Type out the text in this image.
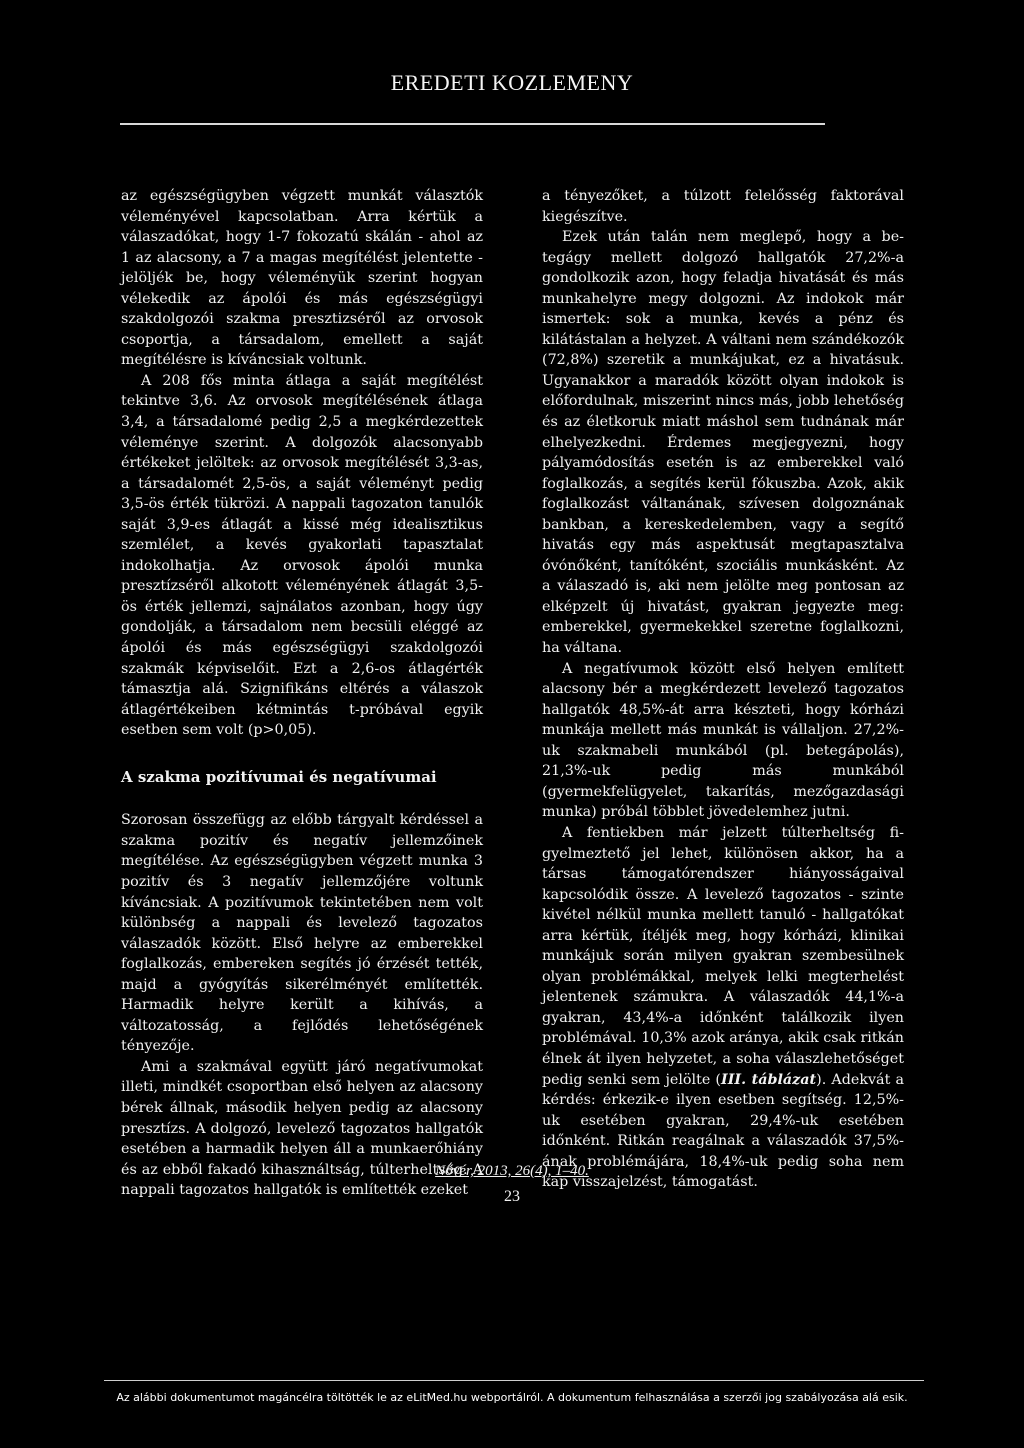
EREDETI KOZLEMENY

az egészségügyben végzett munkát választók véleményével kapcsolatban. Arra kértük a válaszadókat, hogy 1-7 fokozatú skálán - ahol az 1 az alacsony, a 7 a magas megítélést jelentette - jelöljék be, hogy véleményük szerint hogyan vélekedik az ápolói és más egészségügyi szakdolgozói szakma presztizséről az orvosok csoportja, a társadalom, emellett a saját megítélésre is kíváncsiak voltunk.

A 208 fős minta átlaga a saját megítélést tekintve 3,6. Az orvosok megítélésének átlaga 3,4, a társadalomé pedig 2,5 a megkérdezettek véleménye szerint. A dolgozók alacsonyabb értékeket jelöltek: az orvosok megítélését 3,3-as, a társadalomét 2,5-ös, a saját véleményt pedig 3,5-ös érték tükrözi. A nappali tagozaton tanulók saját 3,9-es átlagát a kissé még idealisztikus szemlélet, a kevés gyakorlati tapasztalat indokolhatja. Az orvosok ápolói munka presztízséről alkotott véleményének átlagát 3,5-ös érték jellemzi, sajnálatos azonban, hogy úgy gondolják, a társadalom nem becsüli eléggé az ápolói és más egészségügyi szakdolgozói szakmák képviselőit. Ezt a 2,6-os átlagérték támasztja alá. Szignifikáns eltérés a válaszok átlagértékeiben kétmintás t-próbával egyik esetben sem volt (p>0,05).

A szakma pozitívumai és negatívumai

Szorosan összefügg az előbb tárgyalt kérdéssel a szakma pozitív és negatív jellemzőinek megítélése. Az egészségügyben végzett munka 3 pozitív és 3 negatív jellemzőjére voltunk kíváncsiak. A pozitívumok tekintetében nem volt különbség a nappali és levelező tagozatos válaszadók között. Első helyre az emberekkel foglalkozás, embereken segítés jó érzését tették, majd a gyógyítás sikerélményét említették. Harmadik helyre került a kihívás, a változatosság, a fejlődés lehetőségének tényezője.

Ami a szakmával együtt járó negatívumokat illeti, mindkét csoportban első helyen az alacsony bérek állnak, második helyen pedig az alacsony presztízs. A dolgozó, levelező tagozatos hallgatók esetében a harmadik helyen áll a munkaerőhiány és az ebből fakadó kihasználtság, túlterheltség. A nappali tagozatos hallgatók is említették ezeket

a tényezőket, a túlzott felelősség faktorával kiegészítve.

Ezek után talán nem meglepő, hogy a betegágy mellett dolgozó hallgatók 27,2%-a gondolkozik azon, hogy feladja hivatását és más munkahelyre megy dolgozni. Az indokok már ismertek: sok a munka, kevés a pénz és kilátástalan a helyzet. A váltani nem szándékozók (72,8%) szeretik a munkájukat, ez a hivatásuk. Ugyanakkor a maradók között olyan indokok is előfordulnak, miszerint nincs más, jobb lehetőség és az életkoruk miatt máshol sem tudnának már elhelyezkedni. Érdemes megjegyezni, hogy pályamódosítás esetén is az emberekkel való foglalkozás, a segítés kerül fókuszba. Azok, akik foglalkozást váltanának, szívesen dolgoznának bankban, a kereskedelemben, vagy a segítő hivatás egy más aspektusát megtapasztalva óvónőként, tanítóként, szociális munkásként. Az a válaszadó is, aki nem jelölte meg pontosan az elképzelt új hivatást, gyakran jegyezte meg: emberekkel, gyermekekkel szeretne foglalkozni, ha váltana.

A negatívumok között első helyen említett alacsony bér a megkérdezett levelező tagozatos hallgatók 48,5%-át arra készteti, hogy kórházi munkája mellett más munkát is vállaljon. 27,2%-uk szakmabeli munkából (pl. betegápolás), 21,3%-uk pedig más munkából (gyermekfelügyelet, takarítás, mezőgazdasági munka) próbál többlet jövedelemhez jutni.

A fentiekben már jelzett túlterheltség figyelmeztető jel lehet, különösen akkor, ha a társas támogatórendszer hiányosságaival kapcsolódik össze. A levelező tagozatos - szinte kivétel nélkül munka mellett tanuló - hallgatókat arra kértük, ítéljék meg, hogy kórházi, klinikai munkájuk során milyen gyakran szembesülnek olyan problémákkal, melyek lelki megterhelést jelentenek számukra. A válaszadók 44,1%-a gyakran, 43,4%-a időnként találkozik ilyen problémával. 10,3% azok aránya, akik csak ritkán élnek át ilyen helyzetet, a soha válaszlehetőséget pedig senki sem jelölte (III. táblázat). Adekvát a kérdés: érkezik-e ilyen esetben segítség. 12,5%-uk esetében gyakran, 29,4%-uk esetében időnként. Ritkán reagálnak a válaszadók 37,5%-ának problémájára, 18,4%-uk pedig soha nem kap visszajelzést, támogatást.

Nővér, 2013, 26(4), 1–40.
23
Az alábbi dokumentumot magáncélra töltötték le az eLitMed.hu webportálról. A dokumentum felhasználása a szerzői jog szabályozása alá esik.
